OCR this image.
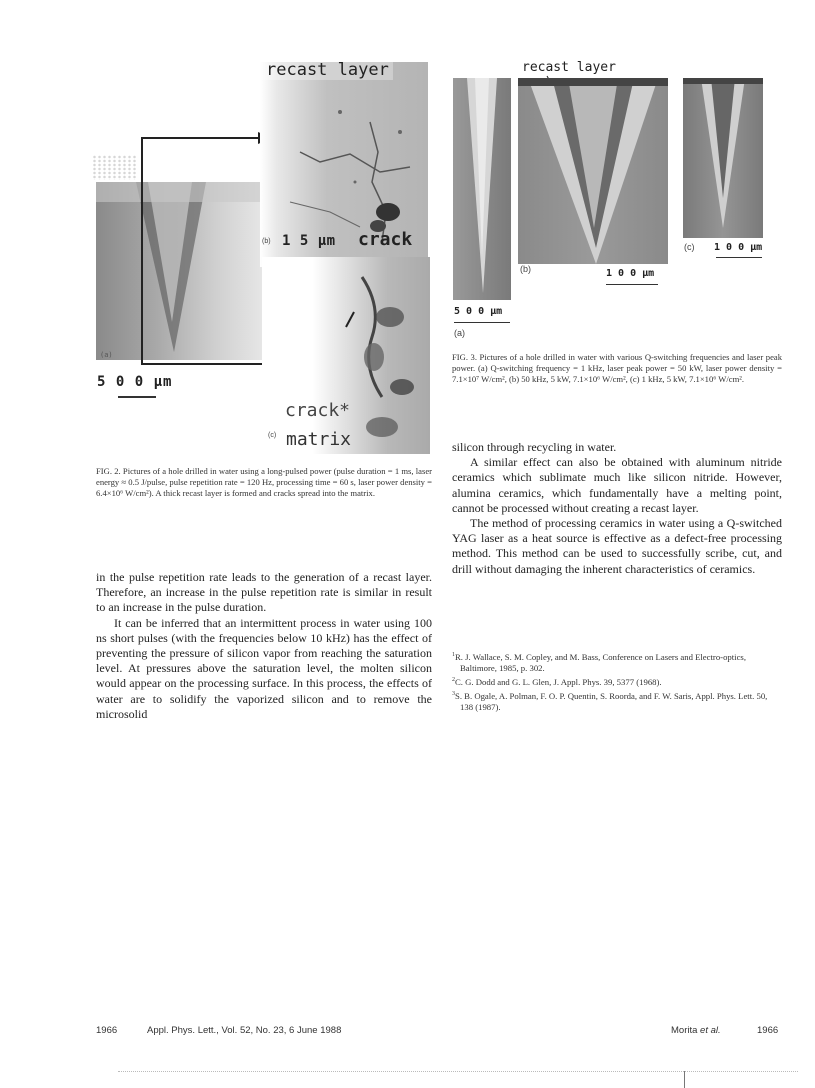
(a)
5 0 0 μm
recast layer
(b) 1 5 μm crack
crack*
(c) matrix
FIG. 2. Pictures of a hole drilled in water using a long-pulsed power (pulse duration = 1 ms, laser energy ≈ 0.5 J/pulse, pulse repetition rate = 120 Hz, processing time = 60 s, laser power density = 6.4×10⁶ W/cm²). A thick recast layer is formed and cracks spread into the matrix.
recast layer
5 0 0 μm
(a)
(b)	1 0 0 μm
(c) 1 0 0 μm
FIG. 3. Pictures of a hole drilled in water with various Q-switching frequencies and laser peak power. (a) Q-switching frequency = 1 kHz, laser peak power = 50 kW, laser power density = 7.1×10⁷ W/cm², (b) 50 kHz, 5 kW, 7.1×10⁶ W/cm², (c) 1 kHz, 5 kW, 7.1×10⁶ W/cm².

in the pulse repetition rate leads to the generation of a recast layer. Therefore, an increase in the pulse repetition rate is similar in result to an increase in the pulse duration.

It can be inferred that an intermittent process in water using 100 ns short pulses (with the frequencies below 10 kHz) has the effect of preventing the pressure of silicon vapor from reaching the saturation level. At pressures above the saturation level, the molten silicon would appear on the processing surface. In this process, the effects of water are to solidify the vaporized silicon and to remove the microsolid

silicon through recycling in water.

A similar effect can also be obtained with aluminum nitride ceramics which sublimate much like silicon nitride. However, alumina ceramics, which fundamentally have a melting point, cannot be processed without creating a recast layer.

The method of processing ceramics in water using a Q-switched YAG laser as a heat source is effective as a defect-free processing method. This method can be used to successfully scribe, cut, and drill without damaging the inherent characteristics of ceramics.

$^1$R. J. Wallace, S. M. Copley, and M. Bass, Conference on Lasers and Electro-optics, Baltimore, 1985, p. 302.

$^2$C. G. Dodd and G. L. Glen, J. Appl. Phys. 39, 5377 (1968).

$^3$S. B. Ogale, A. Polman, F. O. P. Quentin, S. Roorda, and F. W. Saris, Appl. Phys. Lett. 50, 138 (1987).

1966	Appl. Phys. Lett., Vol. 52, No. 23, 6 June 1988	Morita et al.	1966
